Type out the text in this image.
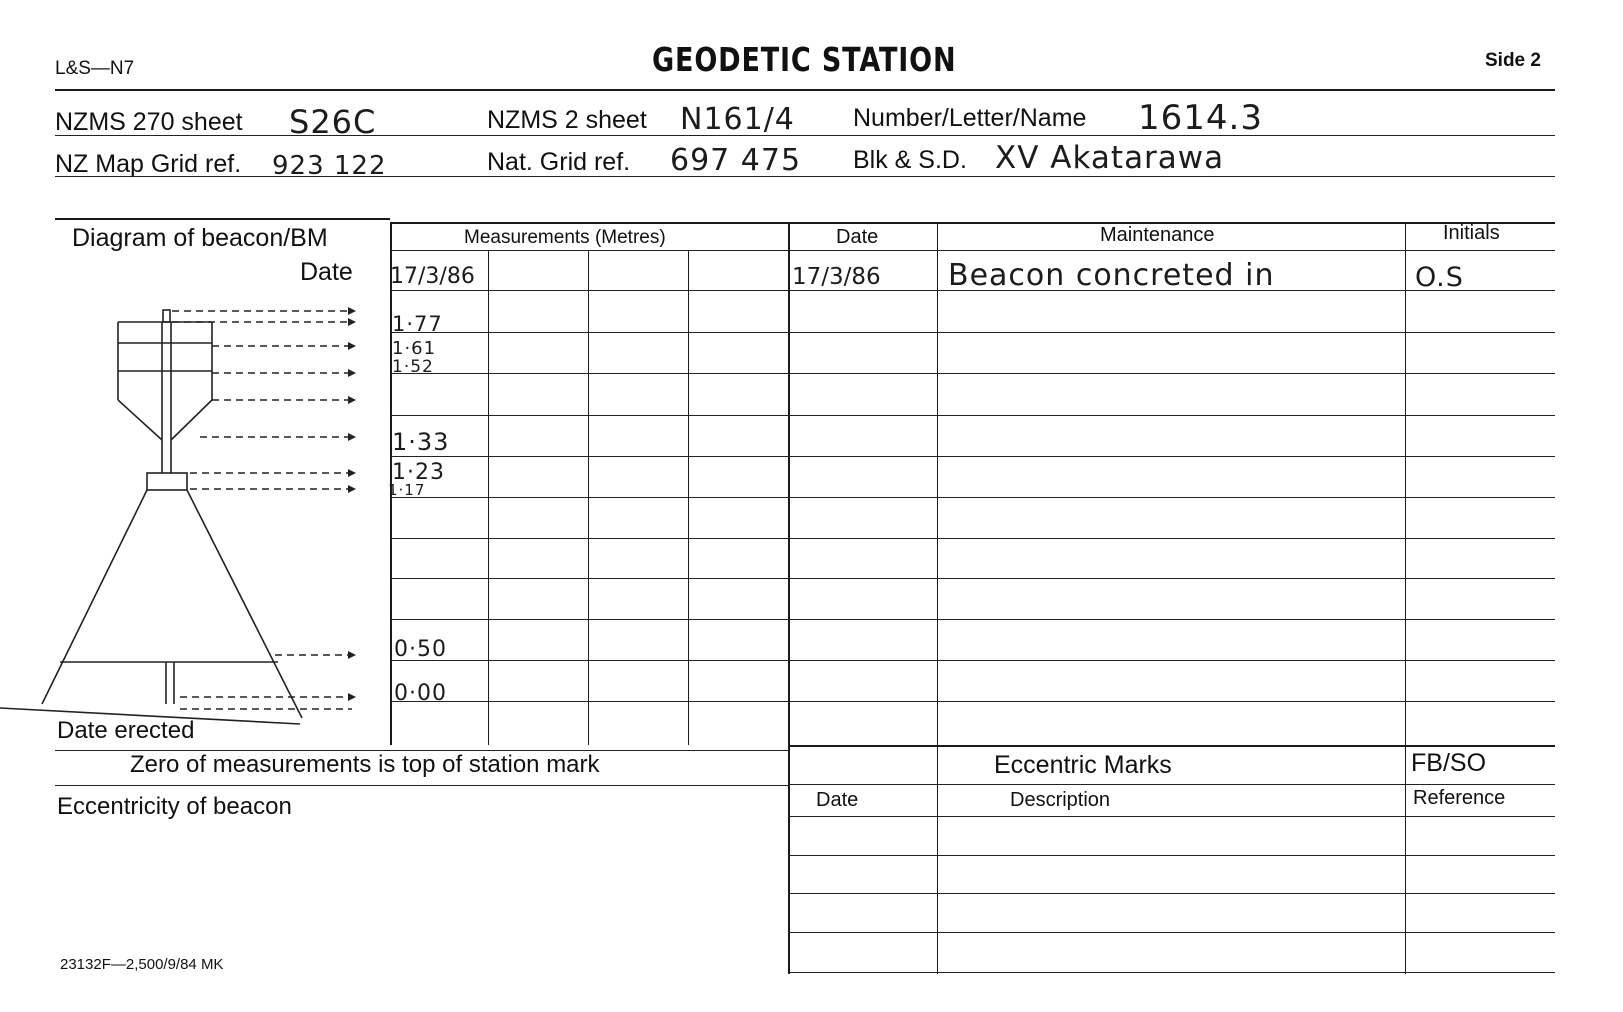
L&S—N7	GEODETIC STATION	Side 2
NZMS 270 sheet S26C	NZMS 2 sheet N161/4 Number/Letter/Name 1614.3
NZ Map Grid ref. 923 122	Nat. Grid ref. 697 475 Blk & S.D. XV Akatarawa
Diagram of beacon/BM
Date
Date erected
Measurements (Metres)
17/3/86
1·77
1·61
1·52
1·33
1·23
1·17
0·50
0·00
Zero of measurements is top of station mark
Eccentricity of beacon
Date	Maintenance	Initials
17/3/86 Beacon concreted in	O.S
Eccentric Marks	FB/SO
Date	Description	Reference
23132F—2,500/9/84 MK
